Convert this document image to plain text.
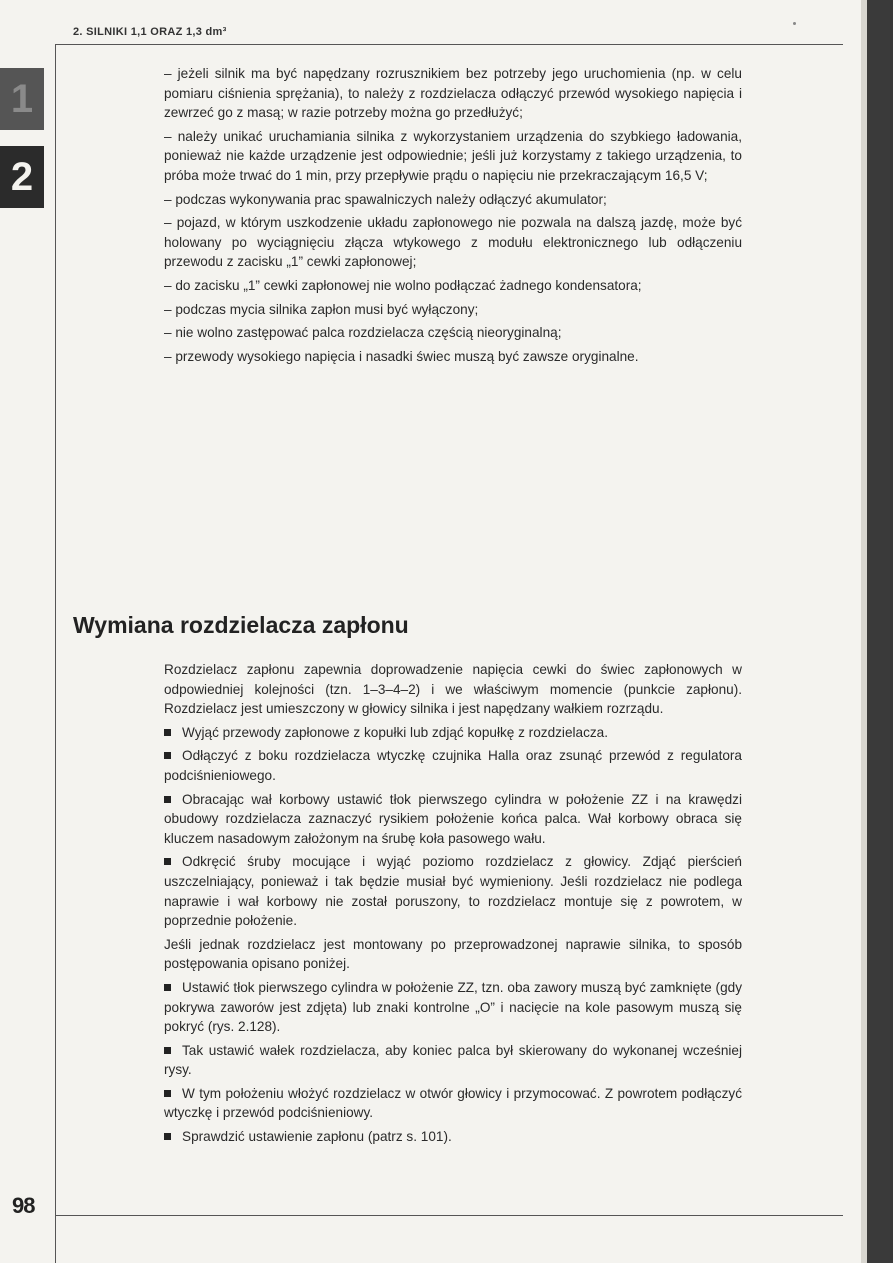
2. SILNIKI 1,1 ORAZ 1,3 dm³
1
2

– jeżeli silnik ma być napędzany rozrusznikiem bez potrzeby jego uruchomienia (np. w celu pomiaru ciśnienia sprężania), to należy z rozdzielacza odłączyć przewód wysokiego napięcia i zewrzeć go z masą; w razie potrzeby można go przedłużyć;

– należy unikać uruchamiania silnika z wykorzystaniem urządzenia do szybkiego ładowania, ponieważ nie każde urządzenie jest odpowiednie; jeśli już korzystamy z takiego urządzenia, to próba może trwać do 1 min, przy przepływie prądu o napięciu nie przekraczającym 16,5 V;

– podczas wykonywania prac spawalniczych należy odłączyć akumulator;

– pojazd, w którym uszkodzenie układu zapłonowego nie pozwala na dalszą jazdę, może być holowany po wyciągnięciu złącza wtykowego z modułu elektronicznego lub odłączeniu przewodu z zacisku „1” cewki zapłonowej;

– do zacisku „1” cewki zapłonowej nie wolno podłączać żadnego kondensatora;

– podczas mycia silnika zapłon musi być wyłączony;

– nie wolno zastępować palca rozdzielacza częścią nieoryginalną;

– przewody wysokiego napięcia i nasadki świec muszą być zawsze oryginalne.

Wymiana rozdzielacza zapłonu

Rozdzielacz zapłonu zapewnia doprowadzenie napięcia cewki do świec zapłonowych w odpowiedniej kolejności (tzn. 1–3–4–2) i we właściwym momencie (punkcie zapłonu). Rozdzielacz jest umieszczony w głowicy silnika i jest napędzany wałkiem rozrządu.

Wyjąć przewody zapłonowe z kopułki lub zdjąć kopułkę z rozdzielacza.

Odłączyć z boku rozdzielacza wtyczkę czujnika Halla oraz zsunąć przewód z regulatora podciśnieniowego.

Obracając wał korbowy ustawić tłok pierwszego cylindra w położenie ZZ i na krawędzi obudowy rozdzielacza zaznaczyć rysikiem położenie końca palca. Wał korbowy obraca się kluczem nasadowym założonym na śrubę koła pasowego wału.

Odkręcić śruby mocujące i wyjąć poziomo rozdzielacz z głowicy. Zdjąć pierścień uszczelniający, ponieważ i tak będzie musiał być wymieniony. Jeśli rozdzielacz nie podlega naprawie i wał korbowy nie został poruszony, to rozdzielacz montuje się z powrotem, w poprzednie położenie.

Jeśli jednak rozdzielacz jest montowany po przeprowadzonej naprawie silnika, to sposób postępowania opisano poniżej.

Ustawić tłok pierwszego cylindra w położenie ZZ, tzn. oba zawory muszą być zamknięte (gdy pokrywa zaworów jest zdjęta) lub znaki kontrolne „O” i nacięcie na kole pasowym muszą się pokryć (rys. 2.128).

Tak ustawić wałek rozdzielacza, aby koniec palca był skierowany do wykonanej wcześniej rysy.

W tym położeniu włożyć rozdzielacz w otwór głowicy i przymocować. Z powrotem podłączyć wtyczkę i przewód podciśnieniowy.

Sprawdzić ustawienie zapłonu (patrz s. 101).

98
